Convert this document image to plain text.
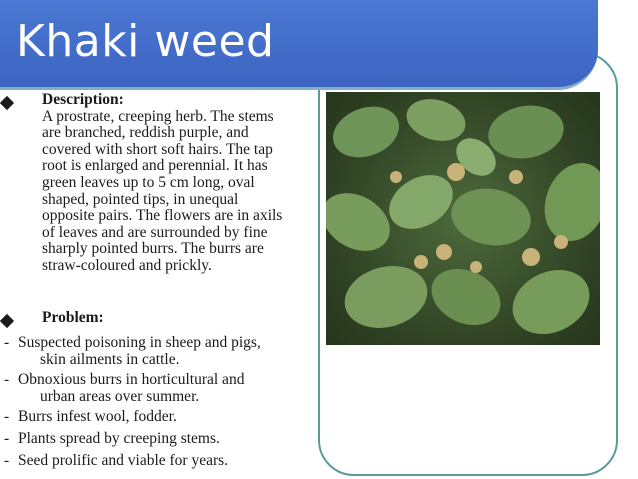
Khaki weed
Description:
A prostrate, creeping herb. The stems
are branched, reddish purple, and
covered with short soft hairs. The tap
root is enlarged and perennial. It has
green leaves up to 5 cm long, oval
shaped, pointed tips, in unequal
opposite pairs. The flowers are in axils
of leaves and are surrounded by fine
sharply pointed burrs. The burrs are
straw-coloured and prickly.
Problem:
- Suspected poisoning in sheep and pigs,
skin ailments in cattle.
- Obnoxious burrs in horticultural and
urban areas over summer.
- Burrs infest wool, fodder.
- Plants spread by creeping stems.
- Seed prolific and viable for years.
